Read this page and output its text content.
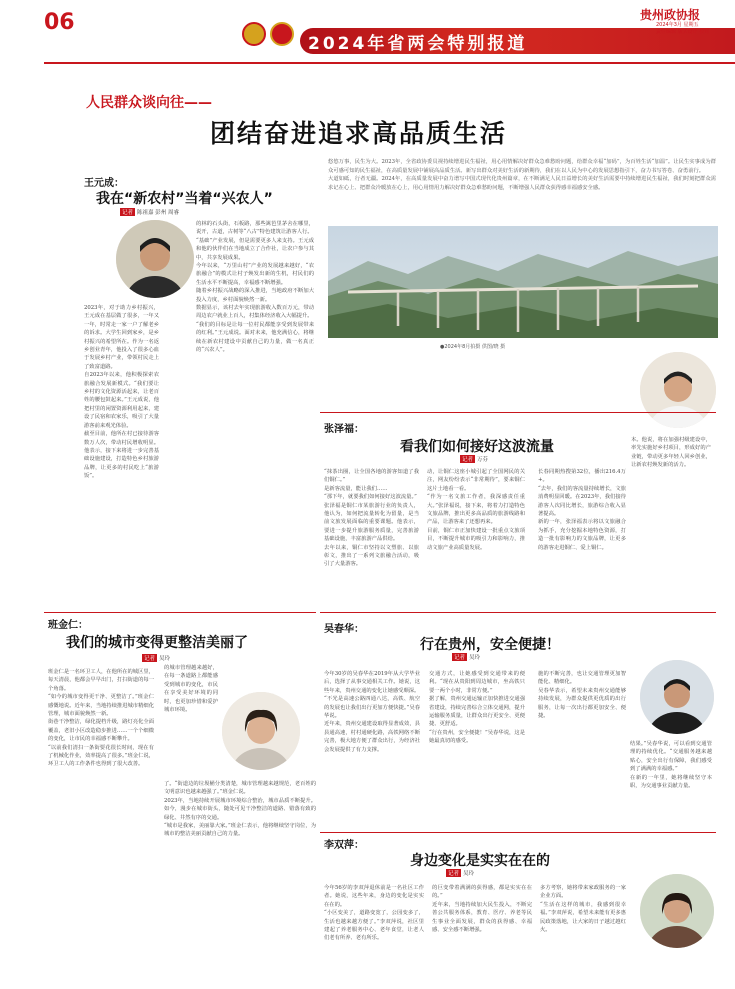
06
2024年省两会特别报道
贵州政协报
2024年3月 星期五
责任编辑 版式设计 校对
人民群众谈向往——
团结奋进追求高品质生活
悠悠万事，民生为大。2023年，全省政协委员视持续增进民生福祉，用心用情解决好群众急难愁盼问题，给群众幸福“加码”，为百姓生活“加温”。让民生实事成为群众可感可知的民生福祉，在高质量发展中铺展高品质生活。新写出群众对美好生活的新期待，我们在以人民为中心的发展思想指引下，奋力书写答卷、奋勇前行。
大道如砥，行者无疆。2024年，在高质量发展中奋力谱写中国式现代化贵州篇章，在不断满足人民日益增长的美好生活需要中持续增进民生福祉，我们时刻把群众需求记在心上、把群众冷暖放在心上，用心用情用力解决好群众急难愁盼问题，不断增强人民群众获得感幸福感安全感。
●2024年8月拍摄 供图/晓 摄
王元成：
我在“新农村”当着“兴农人”
记者 陈祖嘉 彭州 周睿
2023年，对于助力乡村振兴，王元成在基层做了很多，一年又一年，时常走一家一户了解老乡的诉求。大学生回到家乡，是乡村振兴的希望所在。作为一名返乡创业青年，他投入了很多心血于发展乡村产业，带领村民走上了致富道路。
自2023年以来，他积极探索农旅融合发展新模式。“我们要让乡村的文化资源活起来，让老百姓的腰包鼓起来。”王元成说，他把村里的闲置资源利用起来，建设了民宿和农家乐，吸引了大量游客前来观光体验。
截至目前，他所在村已接待游客数万人次，带动村民增收明显。他表示，接下来将进一步完善基础设施建设，打造特色乡村旅游品牌，让更多的村民吃上“旅游饭”。
的林的石头街，石板路，那些篱笆里茅舍在哪里，说开，古道，古树等“八古”特色建筑让游客人行。
“基础”产业发展，但是需要更多人来支持。王元成和他的伙伴们在当地成立了合作社，让农户参与其中，共享发展成果。
今年以来，“万里山村”产业的发展越来越好，“农旅融合”的模式让村子焕发出新的生机，村民们的生活水平不断提高，幸福感不断增强。
随着乡村振兴战略的深入推进，当地政府不断加大投入力度，乡村面貌焕然一新。
数据显示，该村去年实现旅游收入数百万元，带动周边农户就业上百人，村集体经济收入大幅提升。
“我们的目标是让每一位村民都能享受到发展带来的红利。”王元成说。面对未来，他充满信心，将继续在新农村建设中贡献自己的力量，做一名真正的“兴农人”。
本。他说，将在加强村级建设中，率先实施好乡村项目，形成好的产业链，带动更多年轻人回乡创业，让新农村焕发新的活力。
张泽福：
看我们如何接好这波流量
记者 万芬
“抹茶出圈，让全国各地的游客知道了我们铜仁。”
是新客流量，能让我们……
“那下年，就要我们如何接好这波流量。”
张泽福是铜仁市某旅游行业的负责人，他认为，如何把流量转化为留量，是当前文旅发展面临的重要课题。他表示，要进一步提升旅游服务质量，完善旅游基础设施，丰富旅游产品供给。
去年以来，铜仁市坚持以文塑旅、以旅彰文，推出了一系列文旅融合活动，吸引了大量游客。
动，让铜仁这座小城引起了全国网民的关注，网友纷纷表示“非常期待”，要来铜仁这片土地看一看。
“作为一名文旅工作者，我深感责任重大。”张泽福说，接下来，将着力打造特色文旅品牌，推出更多高品质的旅游线路和产品，让游客来了还想再来。
目前，铜仁市正加快建设一批重点文旅项目，不断提升城市的吸引力和影响力，推动文旅产业高质量发展。
长春同期热搜第32位，播出216.4万+。
“去年，我们的客流量持续增长，文旅消费明显回暖。在2023年，我们接待游客人次同比增长，旅游综合收入显著提高。
新的一年，张泽福表示将以文旅融合为抓手，充分挖掘本地特色资源，打造一批有影响力的文旅品牌，让更多的游客走进铜仁、爱上铜仁。
班金仁：
我们的城市变得更整洁美丽了
记者 吴玲
班金仁是一名环卫工人，在他所在的城区里，每天清晨，他都会早早出门，打扫街道的每一个角落。
“如今的城市变得更干净、更整洁了。”班金仁感慨地说。近年来，当地持续推进城市精细化管理，城市面貌焕然一新。
街巷干净整洁，绿化提档升级，路灯亮化全面覆盖，老旧小区改造稳步推进……一个个细微的变化，让市民的幸福感不断攀升。
“以前我们清扫一条街要花很长时间，现在有了机械化作业，效率提高了很多。”班金仁说，环卫工人的工作条件也得到了很大改善。
了。“街道边的垃圾桶分类清楚，城市管理越来越规范，老百姓的文明意识也越来越强了。”班金仁说。
2023年，当地持续开展城市环境综合整治，城市品质不断提升。如今，漫步在城市街头，随处可见干净整洁的道路、错落有致的绿化、井然有序的交通。
“城市是我家，美丽靠大家。”班金仁表示，他将继续坚守岗位，为城市的整洁美丽贡献自己的力量。
的城市管理越来越好，在每一条道路上都能感受到城市的变化，市民在享受美好环境的同时，也更加珍惜和爱护城市环境。
吴春华：
行在贵州，安全便捷！
记者 吴玲
今年30岁的吴春华在2019年从大学毕业后，选择了从事交通相关工作。她说，这些年来，贵州交通的变化让她感受颇深。
“不光是高速公路四通八达，高铁、航空的发展也让我们出行更加方便快捷。”吴春华说。
近年来，贵州交通建设取得显著成效，县县通高速，村村通硬化路，高铁网络不断完善，极大地方便了群众出行，为经济社会发展提供了有力支撑。
交通方式，让她感受到交通带来的便利。“现在从贵阳到周边城市，坐高铁只要一两个小时，非常方便。”
据了解，贵州交通运输正加快推进交通强省建设，持续完善综合立体交通网，提升运输服务质量，让群众出行更安全、更便捷、更舒适。
“行在贵州，安全便捷！”吴春华说，这是她最真切的感受。
施的不断完善，也让交通管理更加智能化、精细化。
吴春华表示，希望未来贵州交通能够持续发展，为群众提供更优质的出行服务，让每一次出行都更加安全、便捷。
结果。”吴春华说，可以看到交通管理的持续优化。“交通服务越来越贴心，安全出行有保障，我们感受到了满满的幸福感。”
在新的一年里，她将继续坚守本职，为交通事业贡献力量。
李双萍：
身边变化是实实在在的
记者 吴玲
今年56岁的李双萍退休前是一名社区工作者。她说，这些年来，身边的变化是实实在在的。
“小区变美了，道路变宽了，公园变多了，生活也越来越方便了。”李双萍说，社区里建起了养老服务中心、老年食堂，让老人们老有所养、老有所乐。
的巨变带着满满的获得感，都是实实在在的。”
近年来，当地持续加大民生投入，不断完善公共服务体系，教育、医疗、养老等民生事业全面发展，群众的获得感、幸福感、安全感不断增强。
多方考察，她将带来家政服务的一家企业方面。
“生活在这样的城市，我感到很幸福。”李双萍说，希望未来能有更多惠民政策落地，让大家的日子越过越红火。
